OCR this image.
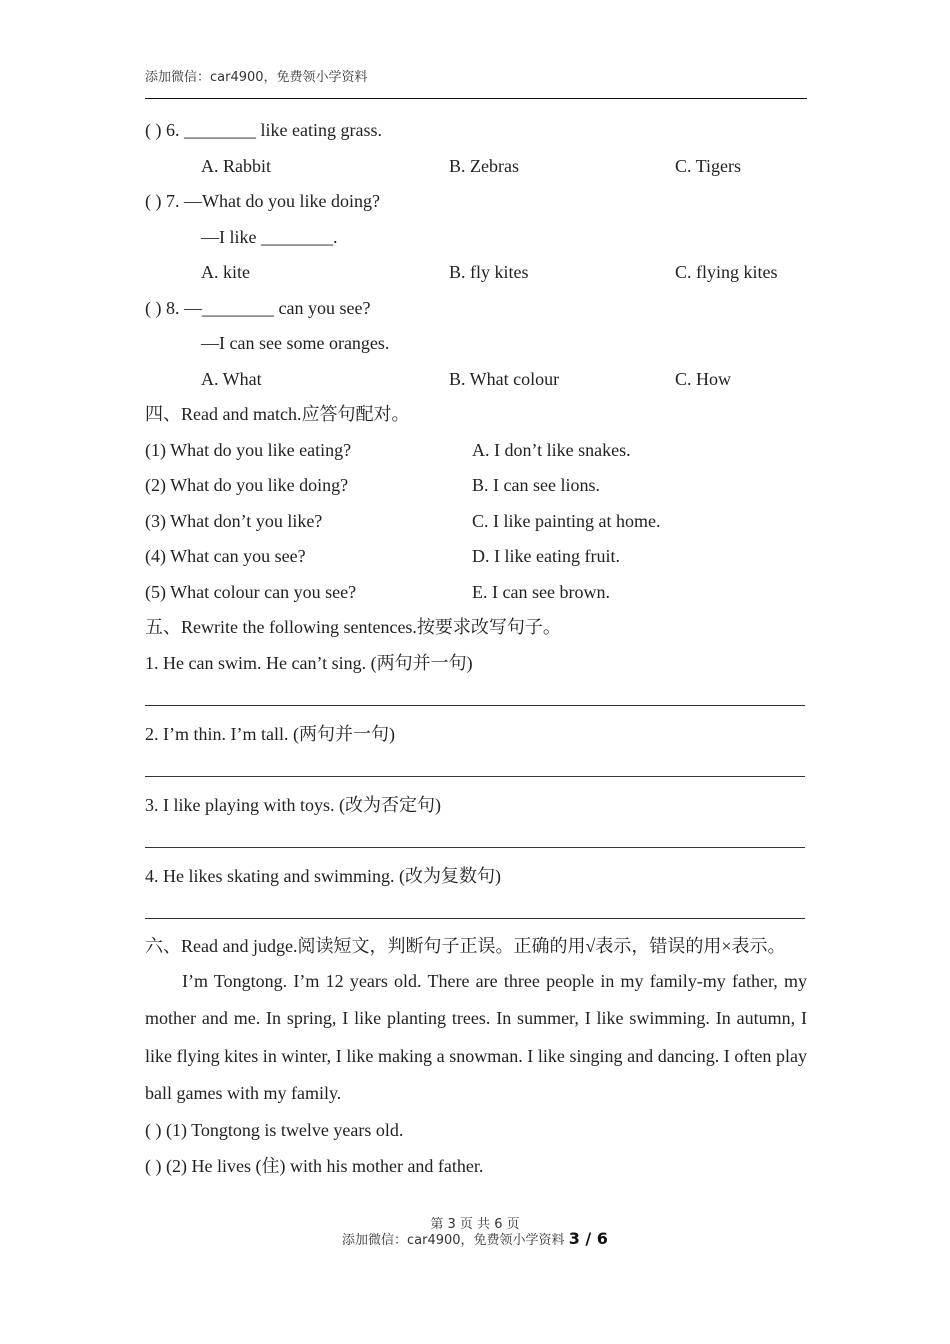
添加微信：car4900，免费领小学资料
( ) 6. ________ like eating grass.
A. Rabbit	B. Zebras	C. Tigers
( ) 7. —What do you like doing?
—I like ________.
A. kite	B. fly kites	C. flying kites
( ) 8. —________ can you see?
—I can see some oranges.
A. What	B. What colour	C. How
四、Read and match.应答句配对。
(1) What do you like eating?	A. I don’t like snakes.
(2) What do you like doing?	B. I can see lions.
(3) What don’t you like?	C. I like painting at home.
(4) What can you see?	D. I like eating fruit.
(5) What colour can you see?	E. I can see brown.
五、Rewrite the following sentences.按要求改写句子。
1. He can swim. He can’t sing. (两句并一句)
2. I’m thin. I’m tall. (两句并一句)
3. I like playing with toys. (改为否定句)
4. He likes skating and swimming. (改为复数句)
六、Read and judge.阅读短文，判断句子正误。正确的用√表示，错误的用×表示。
I’m Tongtong. I’m 12 years old. There are three people in my family-my father, my mother and me. In spring, I like planting trees. In summer, I like swimming. In autumn, I like flying kites in winter, I like making a snowman. I like singing and dancing. I often play ball games with my family.
( ) (1) Tongtong is twelve years old.
( ) (2) He lives (住) with his mother and father.
第 3 页 共 6 页
添加微信：car4900，免费领小学资料 3 / 6
